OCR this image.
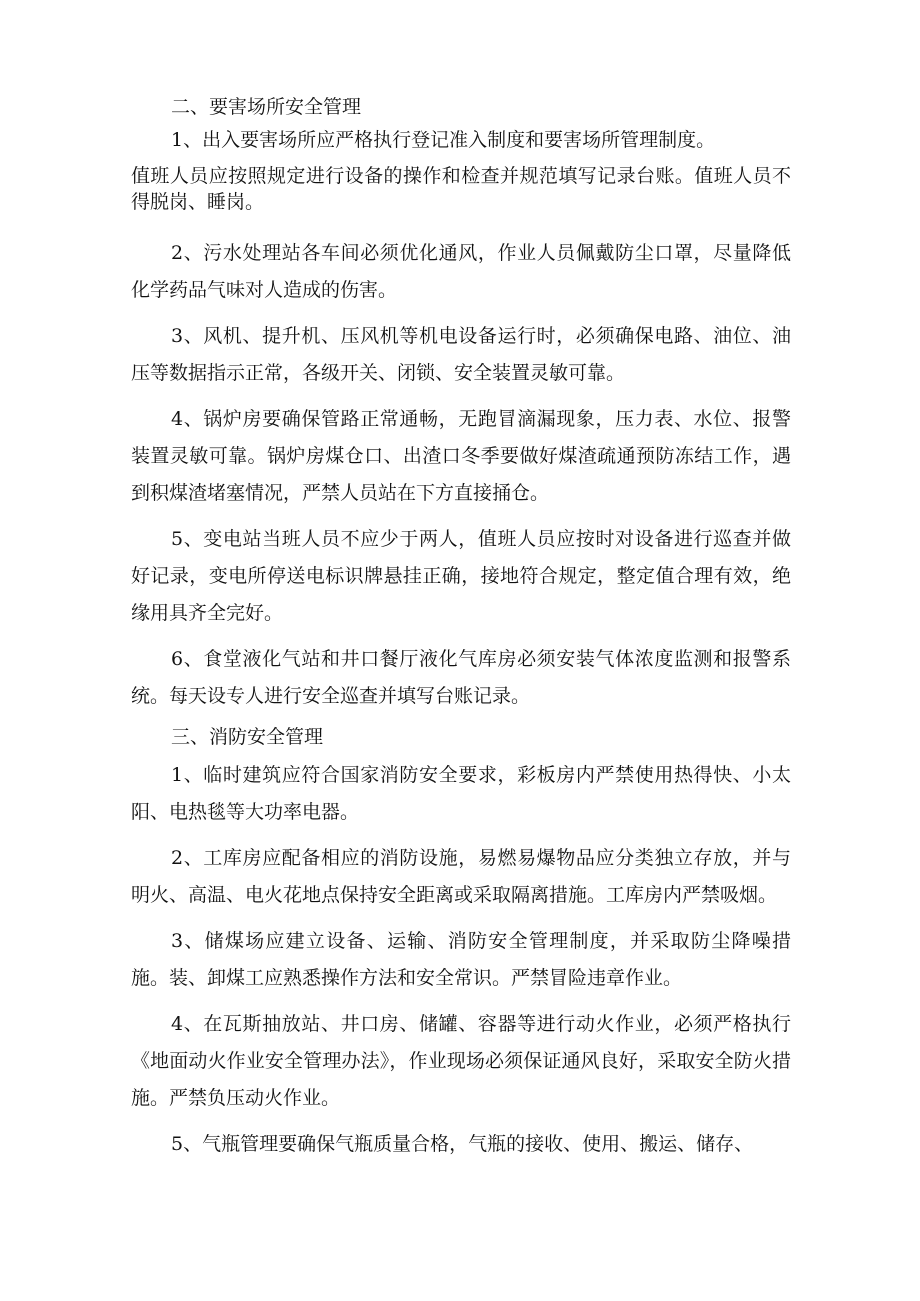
二、要害场所安全管理

1、出入要害场所应严格执行登记准入制度和要害场所管理制度。

值班人员应按照规定进行设备的操作和检查并规范填写记录台账。值班人员不得脱岗、睡岗。

2、污水处理站各车间必须优化通风，作业人员佩戴防尘口罩，尽量降低化学药品气味对人造成的伤害。

3、风机、提升机、压风机等机电设备运行时，必须确保电路、油位、油压等数据指示正常，各级开关、闭锁、安全装置灵敏可靠。

4、锅炉房要确保管路正常通畅，无跑冒滴漏现象，压力表、水位、报警装置灵敏可靠。锅炉房煤仓口、出渣口冬季要做好煤渣疏通预防冻结工作，遇到积煤渣堵塞情况，严禁人员站在下方直接捅仓。

5、变电站当班人员不应少于两人，值班人员应按时对设备进行巡查并做好记录，变电所停送电标识牌悬挂正确，接地符合规定，整定值合理有效，绝缘用具齐全完好。

6、食堂液化气站和井口餐厅液化气库房必须安装气体浓度监测和报警系统。每天设专人进行安全巡查并填写台账记录。

三、消防安全管理

1、临时建筑应符合国家消防安全要求，彩板房内严禁使用热得快、小太阳、电热毯等大功率电器。

2、工库房应配备相应的消防设施，易燃易爆物品应分类独立存放，并与明火、高温、电火花地点保持安全距离或采取隔离措施。工库房内严禁吸烟。

3、储煤场应建立设备、运输、消防安全管理制度，并采取防尘降噪措施。装、卸煤工应熟悉操作方法和安全常识。严禁冒险违章作业。

4、在瓦斯抽放站、井口房、储罐、容器等进行动火作业，必须严格执行《地面动火作业安全管理办法》，作业现场必须保证通风良好，采取安全防火措施。严禁负压动火作业。

5、气瓶管理要确保气瓶质量合格，气瓶的接收、使用、搬运、储存、
